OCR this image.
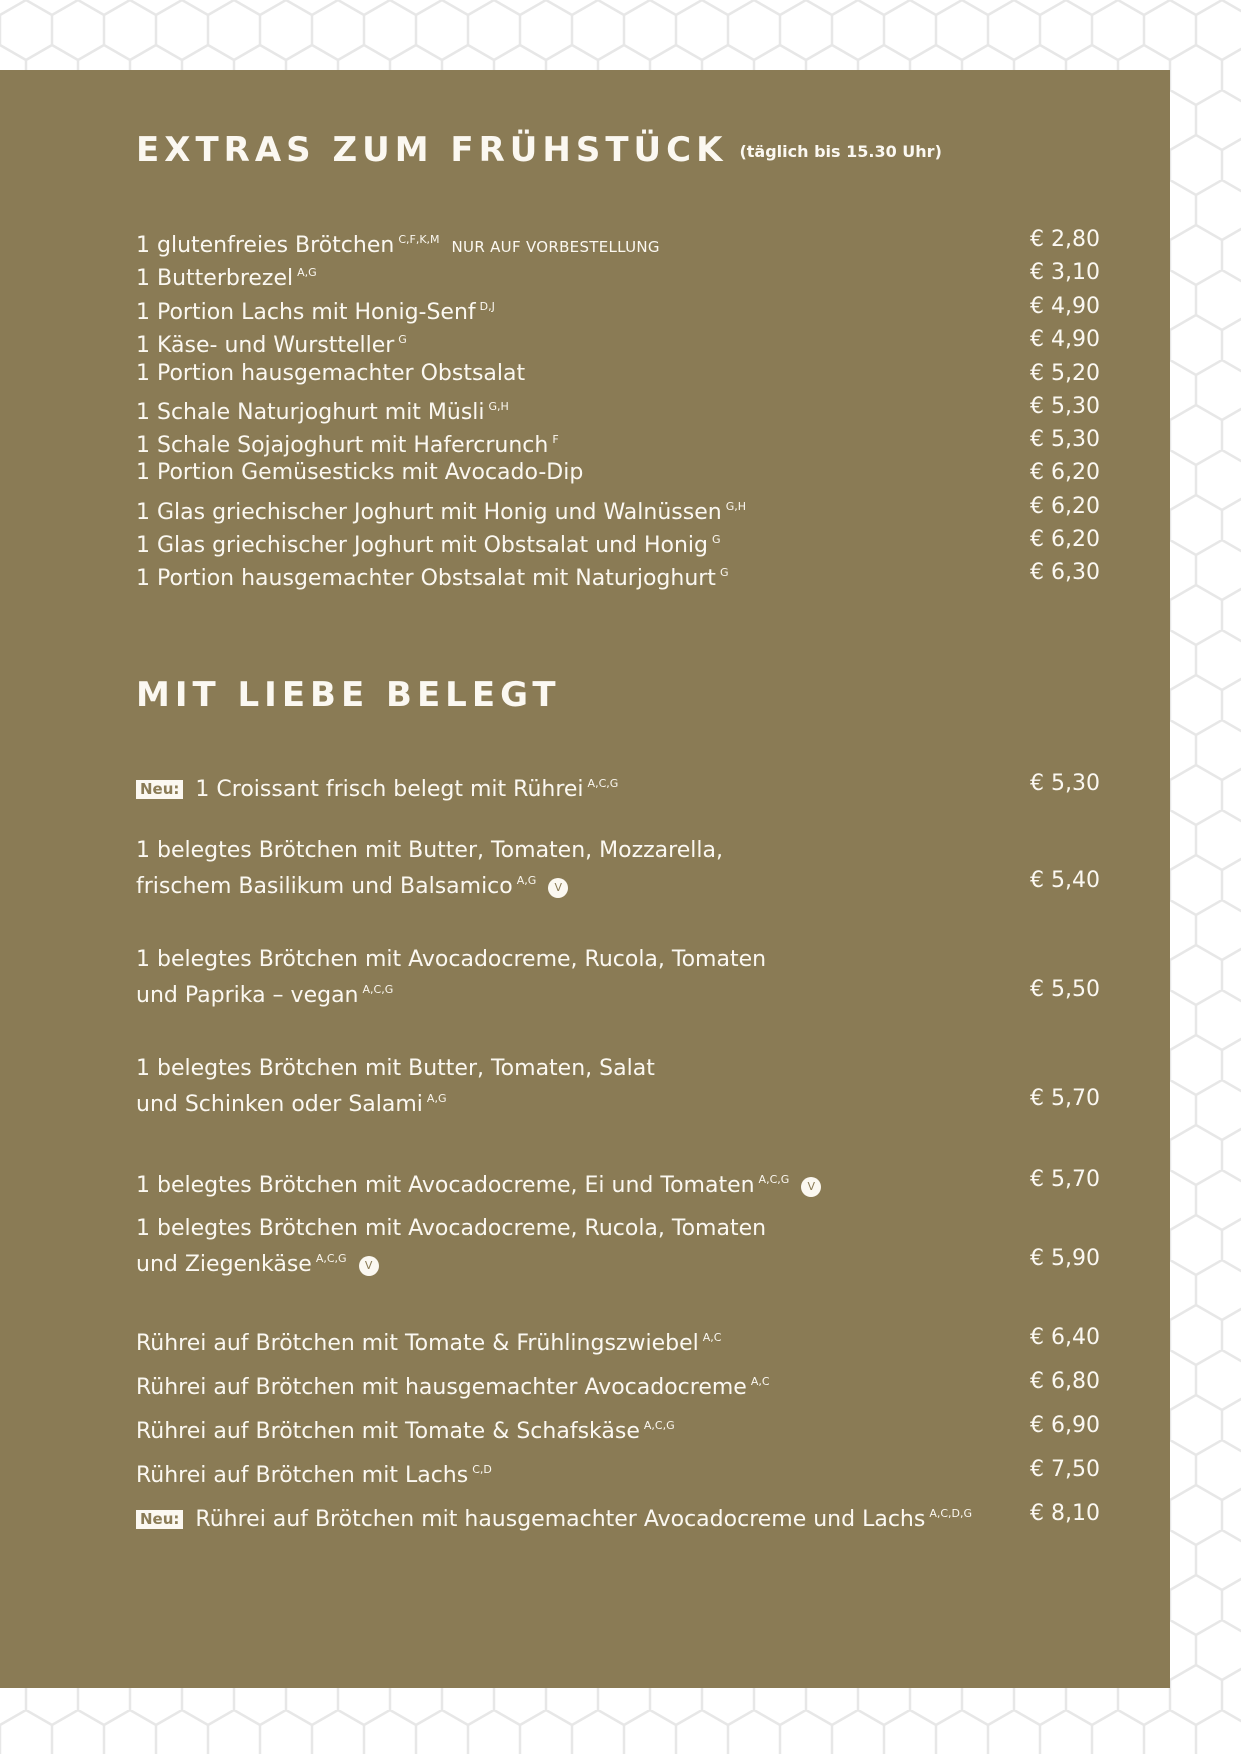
EXTRAS ZUM FRÜHSTÜCK $^{(täglich bis 15.30 Uhr)}$
1 glutenfreies Brötchen $^{C,F,K,M}$ NUR AUF VORBESTELLUNG	€ 2,80
1 Butterbrezel $^{A,G}$	€ 3,10
1 Portion Lachs mit Honig-Senf $^{D,J}$	€ 4,90
1 Käse- und Wurstteller $^G$	€ 4,90
1 Portion hausgemachter Obstsalat	€ 5,20
1 Schale Naturjoghurt mit Müsli $^{G,H}$	€ 5,30
1 Schale Sojajoghurt mit Hafercrunch $^F$	€ 5,30
1 Portion Gemüsesticks mit Avocado-Dip	€ 6,20
1 Glas griechischer Joghurt mit Honig und Walnüssen $^{G,H}$	€ 6,20
1 Glas griechischer Joghurt mit Obstsalat und Honig $^G$	€ 6,20
1 Portion hausgemachter Obstsalat mit Naturjoghurt $^G$	€ 6,30
MIT LIEBE BELEGT
Neu: 1 Croissant frisch belegt mit Rührei $^{A,C,G}$	€ 5,30
1 belegtes Brötchen mit Butter, Tomaten, Mozzarella,
frischem Basilikum und Balsamico $^{A,G}$V	€ 5,40
1 belegtes Brötchen mit Avocadocreme, Rucola, Tomaten
und Paprika – vegan $^{A,C,G}$	€ 5,50
1 belegtes Brötchen mit Butter, Tomaten, Salat
und Schinken oder Salami $^{A,G}$	€ 5,70
1 belegtes Brötchen mit Avocadocreme, Ei und Tomaten $^{A,C,G}$V	€ 5,70
1 belegtes Brötchen mit Avocadocreme, Rucola, Tomaten
und Ziegenkäse $^{A,C,G}$V	€ 5,90
Rührei auf Brötchen mit Tomate & Frühlingszwiebel $^{A,C}$	€ 6,40
Rührei auf Brötchen mit hausgemachter Avocadocreme $^{A,C}$	€ 6,80
Rührei auf Brötchen mit Tomate & Schafskäse $^{A,C,G}$	€ 6,90
Rührei auf Brötchen mit Lachs $^{C,D}$	€ 7,50
Neu: Rührei auf Brötchen mit hausgemachter Avocadocreme und Lachs $^{A,C,D,G}$	€ 8,10
